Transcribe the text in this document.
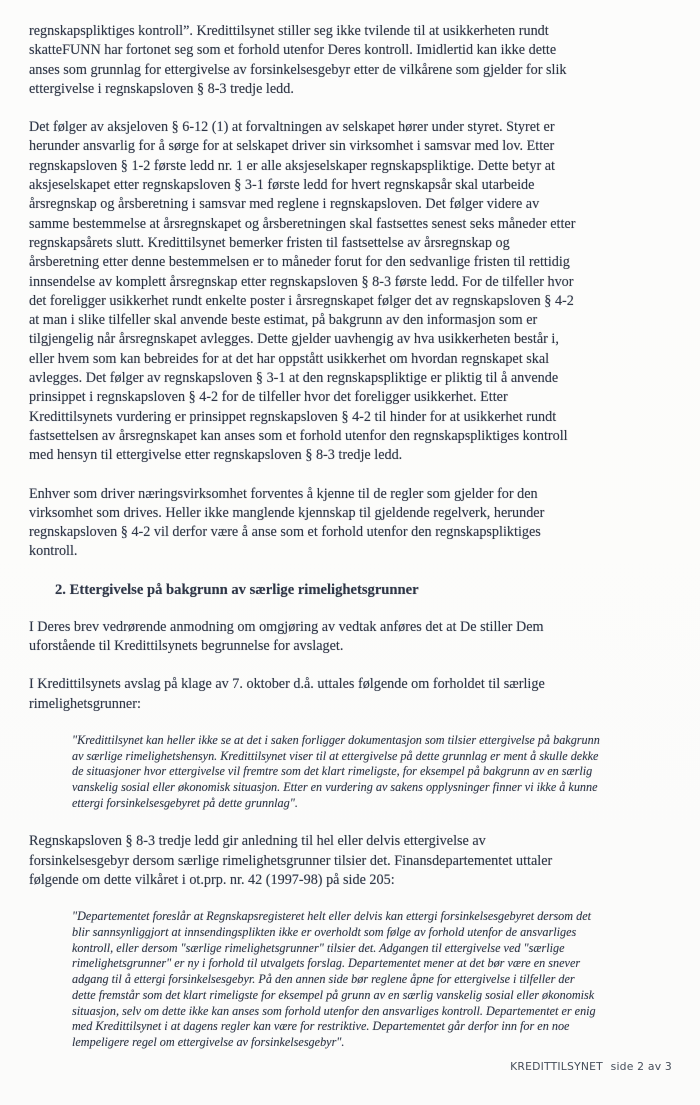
regnskapspliktiges kontroll”. Kredittilsynet stiller seg ikke tvilende til at usikkerheten rundt
skatteFUNN har fortonet seg som et forhold utenfor Deres kontroll. Imidlertid kan ikke dette
anses som grunnlag for ettergivelse av forsinkelsesgebyr etter de vilkårene som gjelder for slik
ettergivelse i regnskapsloven § 8-3 tredje ledd.

Det følger av aksjeloven § 6-12 (1) at forvaltningen av selskapet hører under styret. Styret er
herunder ansvarlig for å sørge for at selskapet driver sin virksomhet i samsvar med lov. Etter
regnskapsloven § 1-2 første ledd nr. 1 er alle aksjeselskaper regnskapspliktige. Dette betyr at
aksjeselskapet etter regnskapsloven § 3-1 første ledd for hvert regnskapsår skal utarbeide
årsregnskap og årsberetning i samsvar med reglene i regnskapsloven. Det følger videre av
samme bestemmelse at årsregnskapet og årsberetningen skal fastsettes senest seks måneder etter
regnskapsårets slutt. Kredittilsynet bemerker fristen til fastsettelse av årsregnskap og
årsberetning etter denne bestemmelsen er to måneder forut for den sedvanlige fristen til rettidig
innsendelse av komplett årsregnskap etter regnskapsloven § 8-3 første ledd. For de tilfeller hvor
det foreligger usikkerhet rundt enkelte poster i årsregnskapet følger det av regnskapsloven § 4-2
at man i slike tilfeller skal anvende beste estimat, på bakgrunn av den informasjon som er
tilgjengelig når årsregnskapet avlegges. Dette gjelder uavhengig av hva usikkerheten består i,
eller hvem som kan bebreides for at det har oppstått usikkerhet om hvordan regnskapet skal
avlegges. Det følger av regnskapsloven § 3-1 at den regnskapspliktige er pliktig til å anvende
prinsippet i regnskapsloven § 4-2 for de tilfeller hvor det foreligger usikkerhet. Etter
Kredittilsynets vurdering er prinsippet regnskapsloven § 4-2 til hinder for at usikkerhet rundt
fastsettelsen av årsregnskapet kan anses som et forhold utenfor den regnskapspliktiges kontroll
med hensyn til ettergivelse etter regnskapsloven § 8-3 tredje ledd.

Enhver som driver næringsvirksomhet forventes å kjenne til de regler som gjelder for den
virksomhet som drives. Heller ikke manglende kjennskap til gjeldende regelverk, herunder
regnskapsloven § 4-2 vil derfor være å anse som et forhold utenfor den regnskapspliktiges
kontroll.

2. Ettergivelse på bakgrunn av særlige rimelighetsgrunner

I Deres brev vedrørende anmodning om omgjøring av vedtak anføres det at De stiller Dem
uforstående til Kredittilsynets begrunnelse for avslaget.

I Kredittilsynets avslag på klage av 7. oktober d.å. uttales følgende om forholdet til særlige
rimelighetsgrunner:

"Kredittilsynet kan heller ikke se at det i saken forligger dokumentasjon som tilsier ettergivelse på bakgrunn
av særlige rimelighetshensyn. Kredittilsynet viser til at ettergivelse på dette grunnlag er ment å skulle dekke
de situasjoner hvor ettergivelse vil fremtre som det klart rimeligste, for eksempel på bakgrunn av en særlig
vanskelig sosial eller økonomisk situasjon. Etter en vurdering av sakens opplysninger finner vi ikke å kunne
ettergi forsinkelsesgebyret på dette grunnlag".

Regnskapsloven § 8-3 tredje ledd gir anledning til hel eller delvis ettergivelse av
forsinkelsesgebyr dersom særlige rimelighetsgrunner tilsier det. Finansdepartementet uttaler
følgende om dette vilkåret i ot.prp. nr. 42 (1997-98) på side 205:

"Departementet foreslår at Regnskapsregisteret helt eller delvis kan ettergi forsinkelsesgebyret dersom det
blir sannsynliggjort at innsendingsplikten ikke er overholdt som følge av forhold utenfor de ansvarliges
kontroll, eller dersom "særlige rimelighetsgrunner" tilsier det. Adgangen til ettergivelse ved "særlige
rimelighetsgrunner" er ny i forhold til utvalgets forslag. Departementet mener at det bør være en snever
adgang til å ettergi forsinkelsesgebyr. På den annen side bør reglene åpne for ettergivelse i tilfeller der
dette fremstår som det klart rimeligste for eksempel på grunn av en særlig vanskelig sosial eller økonomisk
situasjon, selv om dette ikke kan anses som forhold utenfor den ansvarliges kontroll. Departementet er enig
med Kredittilsynet i at dagens regler kan være for restriktive. Departementet går derfor inn for en noe
lempeligere regel om ettergivelse av forsinkelsesgebyr".

KREDITTILSYNET side 2 av 3
